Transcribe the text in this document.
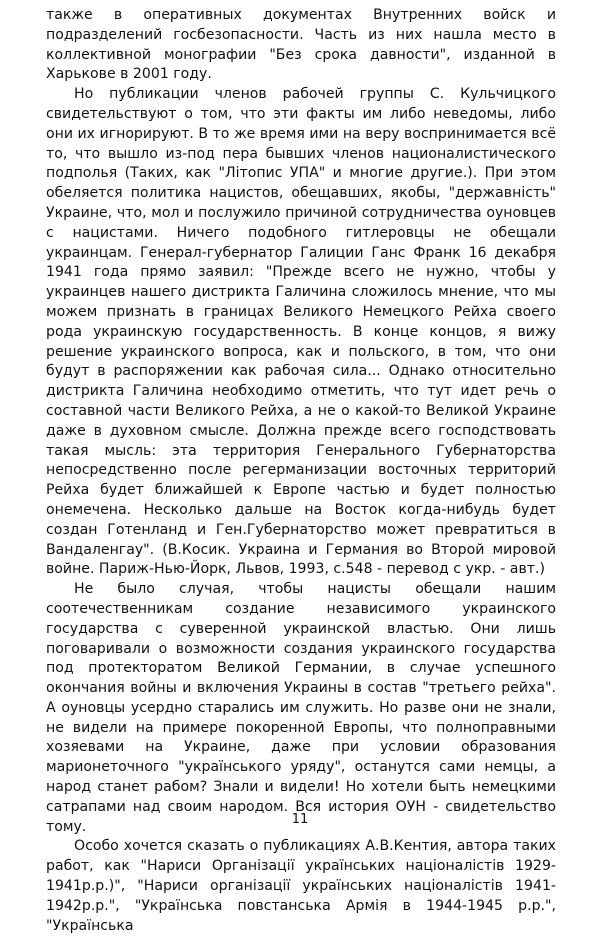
также в оперативных документах Внутренних войск и подразделений госбезопасности. Часть из них нашла место в коллективной монографии "Без срока давности", изданной в Харькове в 2001 году.

Но публикации членов рабочей группы С. Кульчицкого свидетельствуют о том, что эти факты им либо неведомы, либо они их игнорируют. В то же время ими на веру воспринимается всё то, что вышло из-под пера бывших членов националистического подполья (Таких, как "Літопис УПА" и многие другие.). При этом обеляется политика нацистов, обещавших, якобы, "державність" Украине, что, мол и послужило причиной сотрудничества оуновцев с нацистами. Ничего подобного гитлеровцы не обещали украинцам. Генерал-губернатор Галиции Ганс Франк 16 декабря 1941 года прямо заявил: "Прежде всего не нужно, чтобы у украинцев нашего дистрикта Галичина сложилось мнение, что мы можем признать в границах Великого Немецкого Рейха своего рода украинскую государственность. В конце концов, я вижу решение украинского вопроса, как и польского, в том, что они будут в распоряжении как рабочая сила... Однако относительно дистрикта Галичина необходимо отметить, что тут идет речь о составной части Великого Рейха, а не о какой-то Великой Украине даже в духовном смысле. Должна прежде всего господствовать такая мысль: эта территория Генерального Губернаторства непосредственно после регерманизации восточных территорий Рейха будет ближайшей к Европе частью и будет полностью онемечена. Несколько дальше на Восток когда-нибудь будет создан Готенланд и Ген.Губернаторство может превратиться в Вандаленгау". (В.Косик. Украина и Германия во Второй мировой войне. Париж-Нью-Йорк, Львов, 1993, с.548 - перевод с укр. - авт.)

Не было случая, чтобы нацисты обещали нашим соотечественникам создание независимого украинского государства с суверенной украинской властью. Они лишь поговаривали о возможности создания украинского государства под протекторатом Великой Германии, в случае успешного окончания войны и включения Украины в состав "третьего рейха". А оуновцы усердно старались им служить. Но разве они не знали, не видели на примере покоренной Европы, что полноправными хозяевами на Украине, даже при условии образования марионеточного "українського уряду", останутся сами немцы, а народ станет рабом? Знали и видели! Но хотели быть немецкими сатрапами над своим народом. Вся история ОУН - свидетельство тому.

Особо хочется сказать о публикациях А.В.Кентия, автора таких работ, как "Нариси Організації українських націоналістів 1929-1941р.р.)", "Нариси організації українських націоналістів 1941-1942р.р.", "Українська повстанська Армія в 1944-1945 р.р.", "Українська

11
